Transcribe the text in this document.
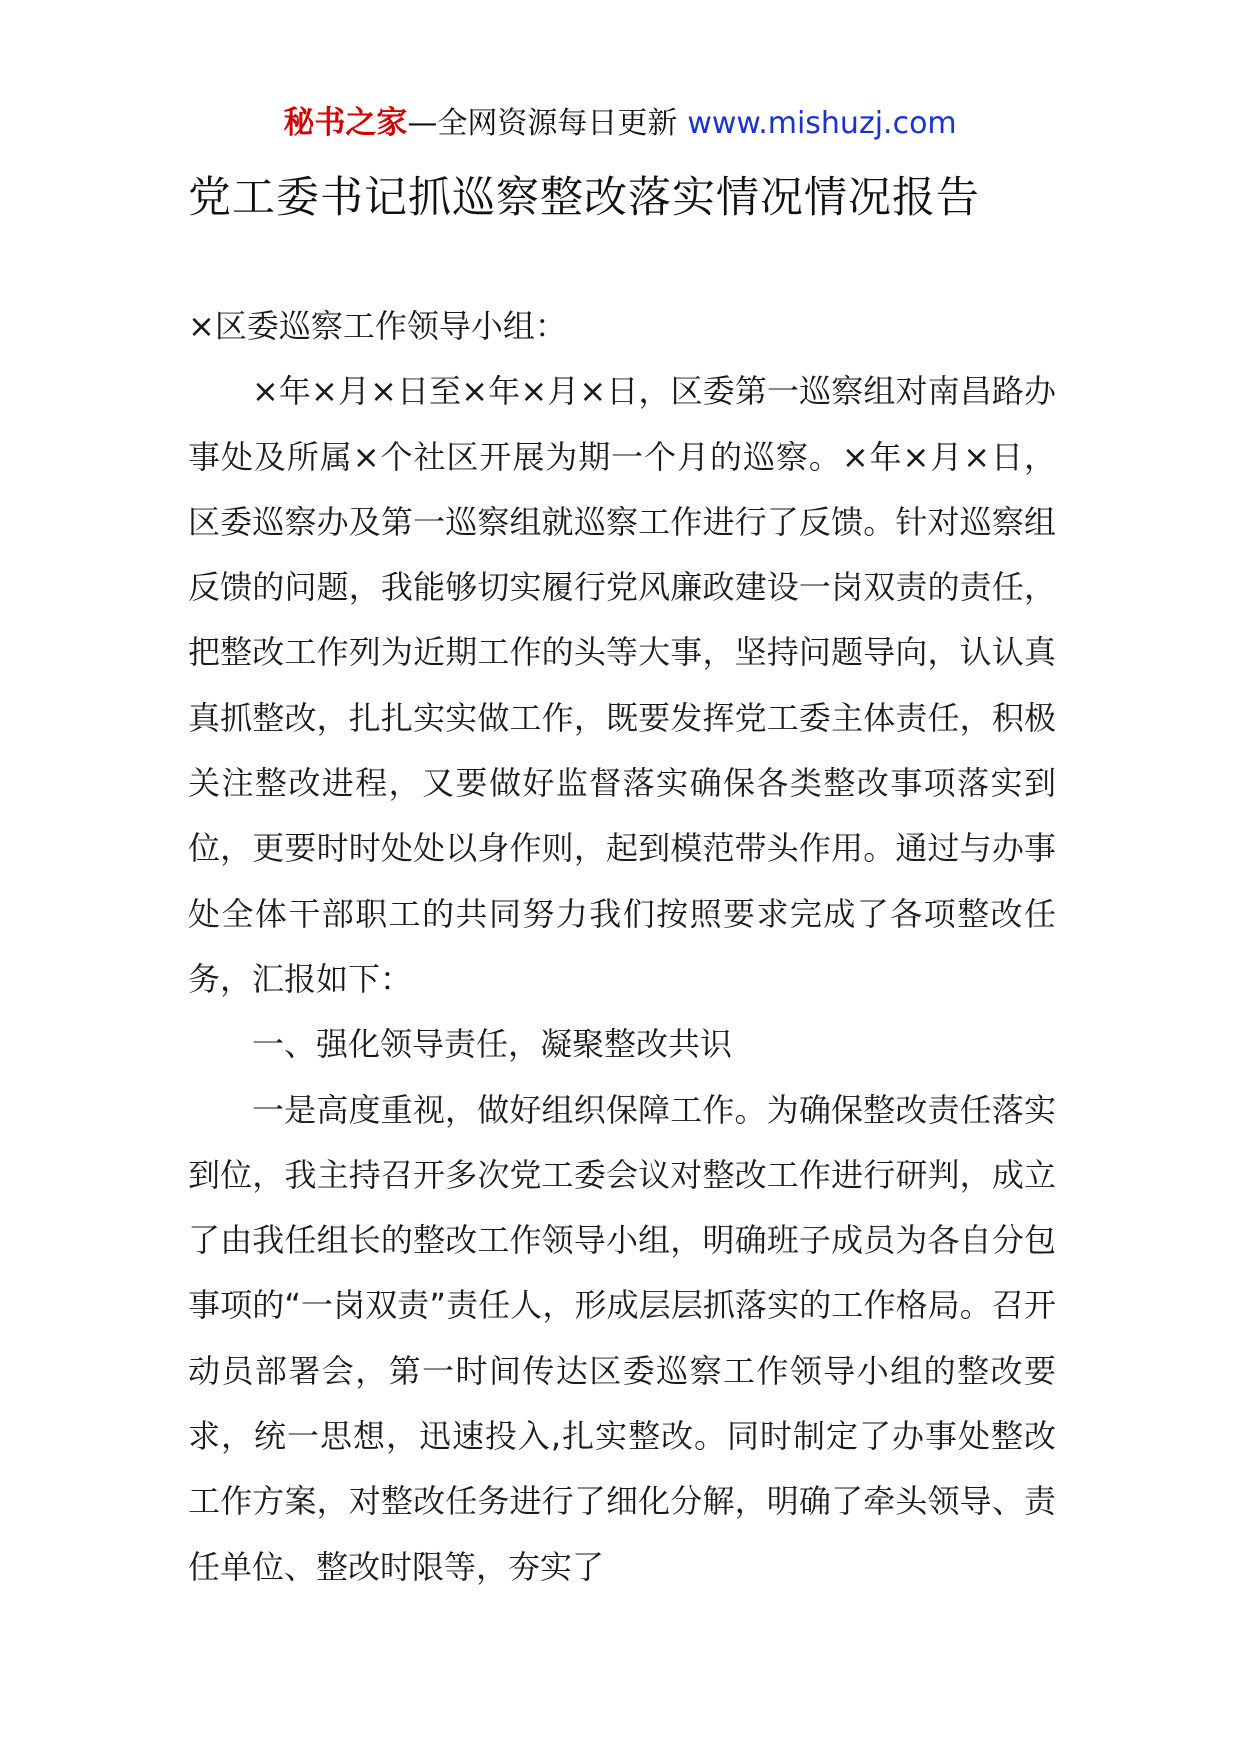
秘书之家—全网资源每日更新 www.mishuzj.com
党工委书记抓巡察整改落实情况情况报告

×区委巡察工作领导小组：

×年×月×日至×年×月×日，区委第一巡察组对南昌路办事处及所属×个社区开展为期一个月的巡察。×年×月×日，区委巡察办及第一巡察组就巡察工作进行了反馈。针对巡察组反馈的问题，我能够切实履行党风廉政建设一岗双责的责任，把整改工作列为近期工作的头等大事，坚持问题导向，认认真真抓整改，扎扎实实做工作，既要发挥党工委主体责任，积极关注整改进程，又要做好监督落实确保各类整改事项落实到位，更要时时处处以身作则，起到模范带头作用。通过与办事处全体干部职工的共同努力我们按照要求完成了各项整改任务，汇报如下：

一、强化领导责任，凝聚整改共识

一是高度重视，做好组织保障工作。为确保整改责任落实到位，我主持召开多次党工委会议对整改工作进行研判，成立了由我任组长的整改工作领导小组，明确班子成员为各自分包事项的“一岗双责”责任人，形成层层抓落实的工作格局。召开动员部署会，第一时间传达区委巡察工作领导小组的整改要求，统一思想，迅速投入,扎实整改。同时制定了办事处整改工作方案，对整改任务进行了细化分解，明确了牵头领导、责任单位、整改时限等，夯实了
